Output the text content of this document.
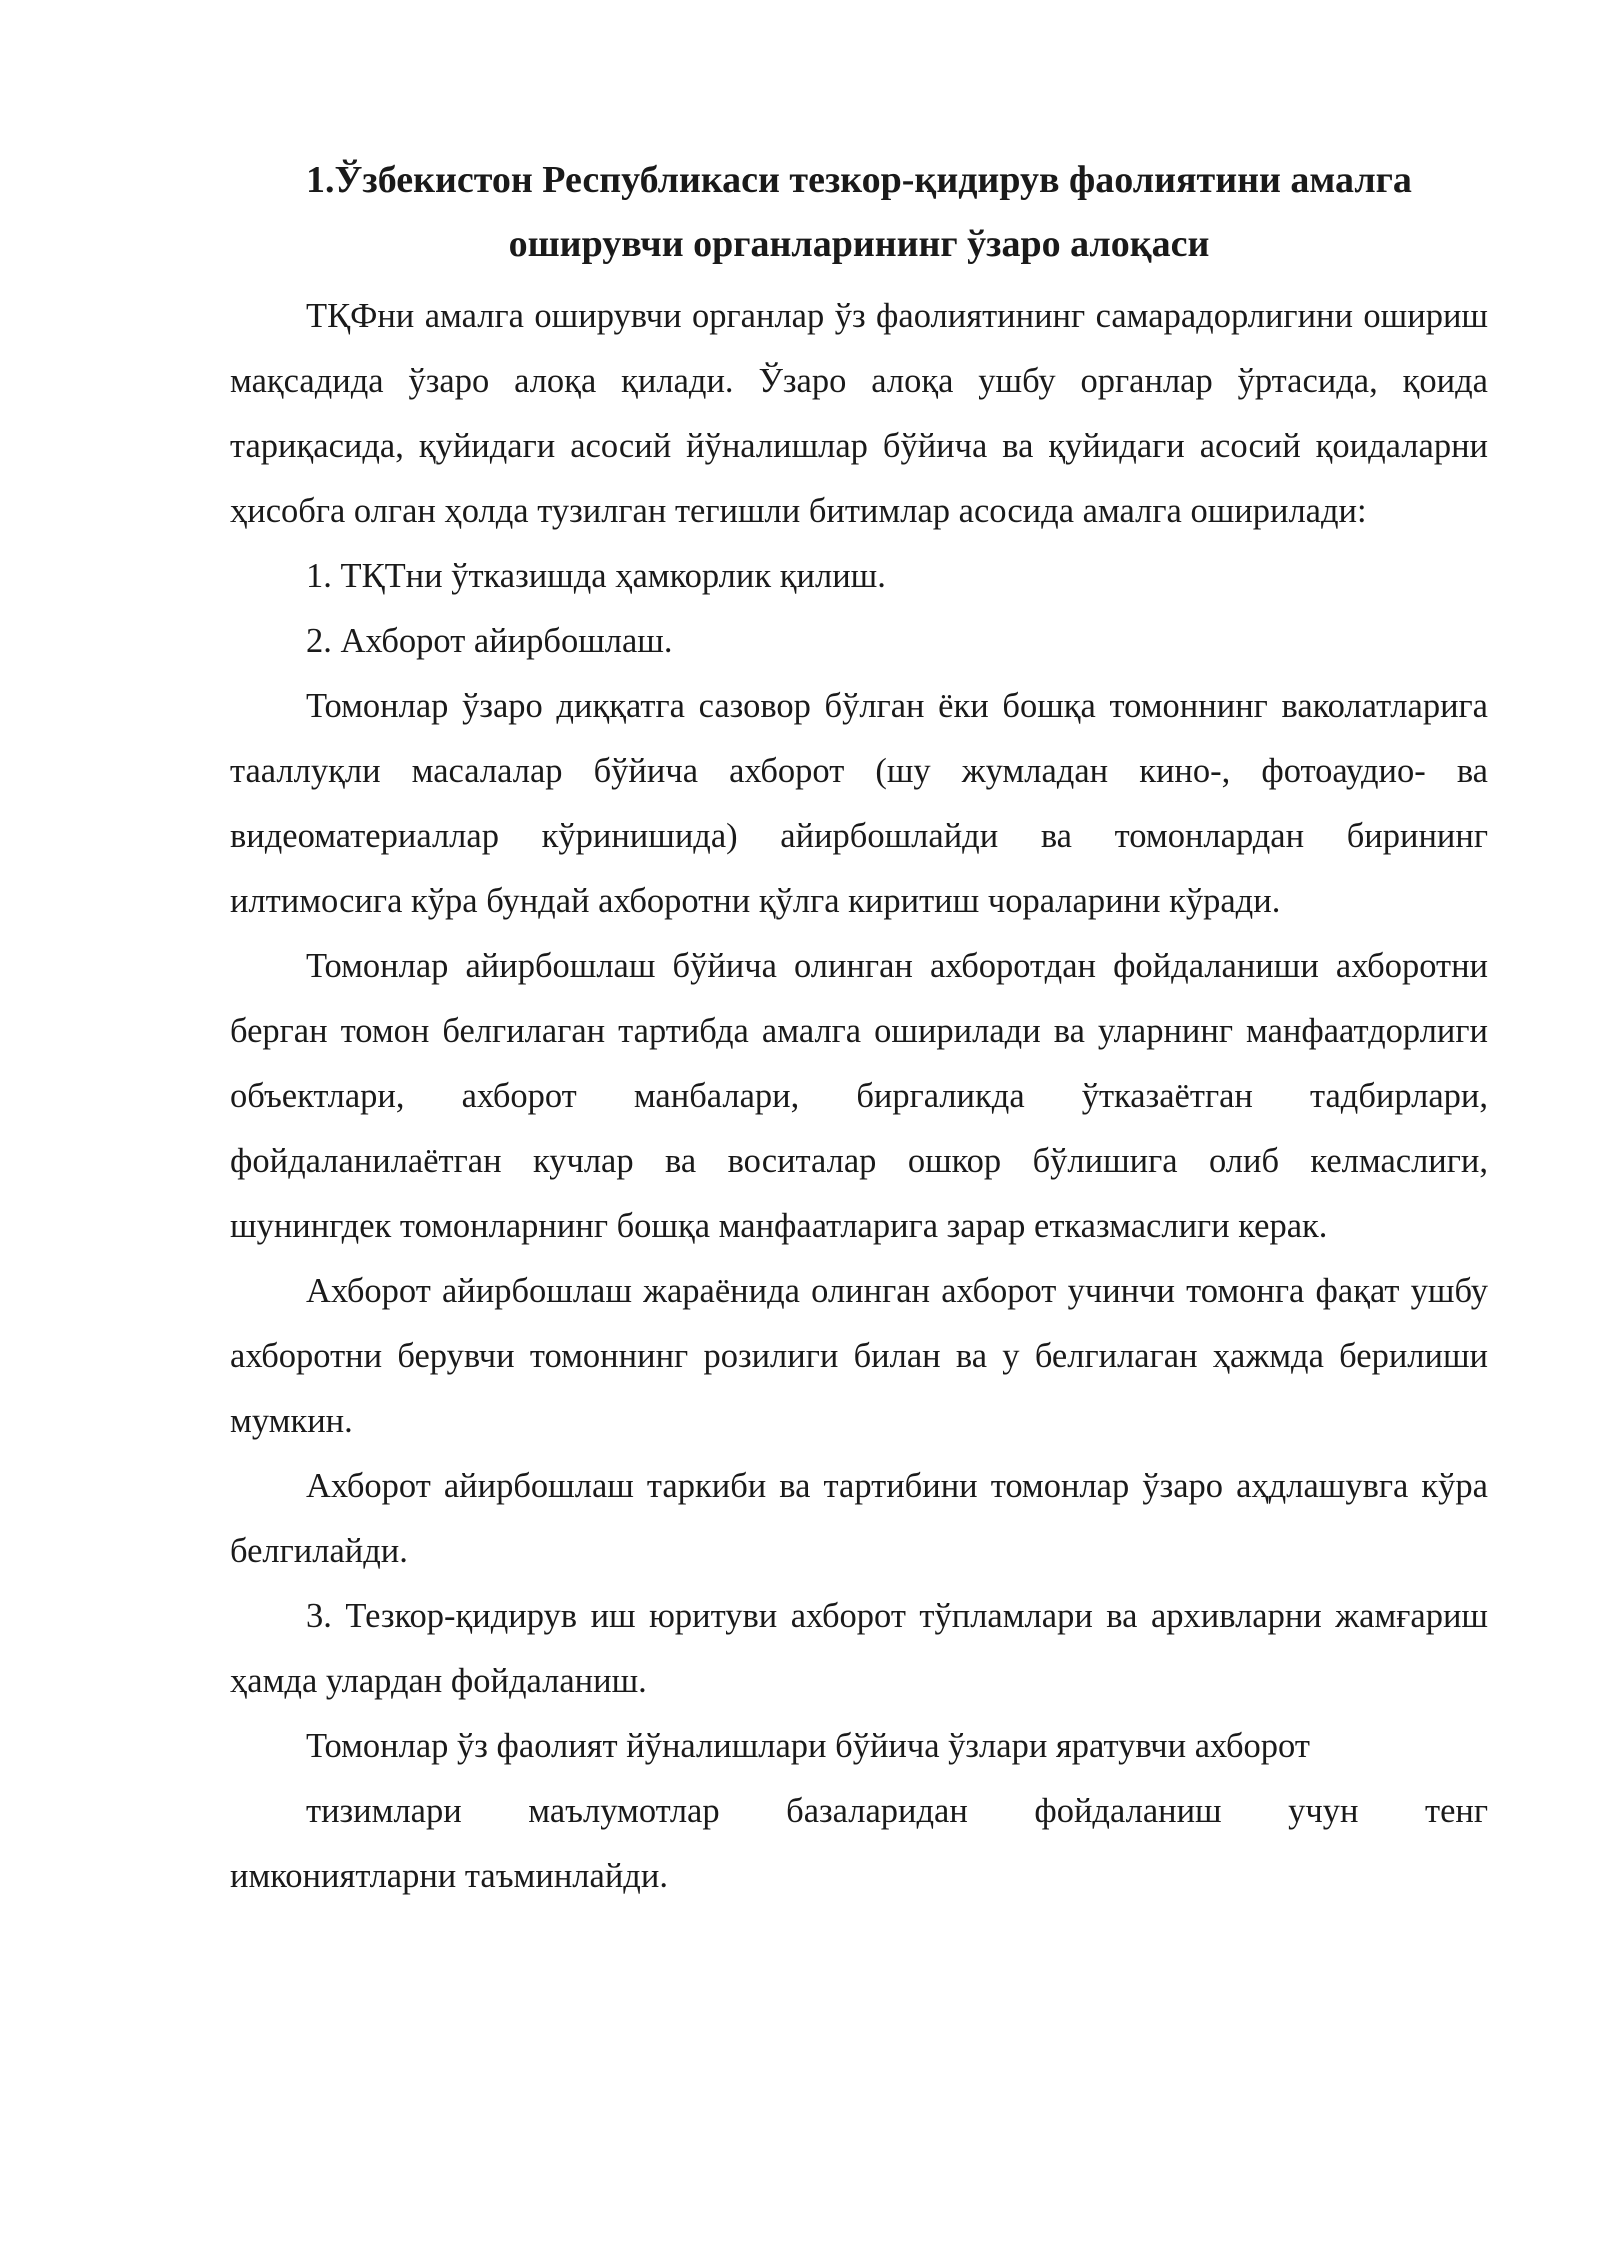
1.Ўзбекистон Республикаси тезкор-қидирув фаолиятини амалга
оширувчи органларининг ўзаро алоқаси

ТҚФни амалга оширувчи органлар ўз фаолиятининг самарадорлигини ошириш мақсадида ўзаро алоқа қилади. Ўзаро алоқа ушбу органлар ўртасида, қоида тариқасида, қуйидаги асосий йўналишлар бўйича ва қуйидаги асосий қоидаларни ҳисобга олган ҳолда тузилган тегишли битимлар асосида амалга оширилади:

1. ТҚТни ўтказишда ҳамкорлик қилиш.

2. Ахборот айирбошлаш.

Томонлар ўзаро диққатга сазовор бўлган ёки бошқа томоннинг ваколатларига тааллуқли масалалар бўйича ахборот (шу жумладан кино-, фотоаудио- ва видеоматериаллар кўринишида) айирбошлайди ва томонлардан бирининг илтимосига кўра бундай ахборотни қўлга киритиш чораларини кўради.

Томонлар айирбошлаш бўйича олинган ахборотдан фойдаланиши ахборотни берган томон белгилаган тартибда амалга оширилади ва уларнинг манфаатдорлиги объектлари, ахборот манбалари, биргаликда ўтказаётган тадбирлари, фойдаланилаётган кучлар ва воситалар ошкор бўлишига олиб келмаслиги, шунингдек томонларнинг бошқа манфаатларига зарар етказмаслиги керак.

Ахборот айирбошлаш жараёнида олинган ахборот учинчи томонга фақат ушбу ахборотни берувчи томоннинг розилиги билан ва у белгилаган ҳажмда берилиши мумкин.

Ахборот айирбошлаш таркиби ва тартибини томонлар ўзаро аҳдлашувга кўра белгилайди.

3. Тезкор-қидирув иш юритуви ахборот тўпламлари ва архивларни жамғариш ҳамда улардан фойдаланиш.

Томонлар ўз фаолият йўналишлари бўйича ўзлари яратувчи ахборот

тизимлари маълумотлар базаларидан фойдаланиш учун тенг

имкониятларни таъминлайди.
